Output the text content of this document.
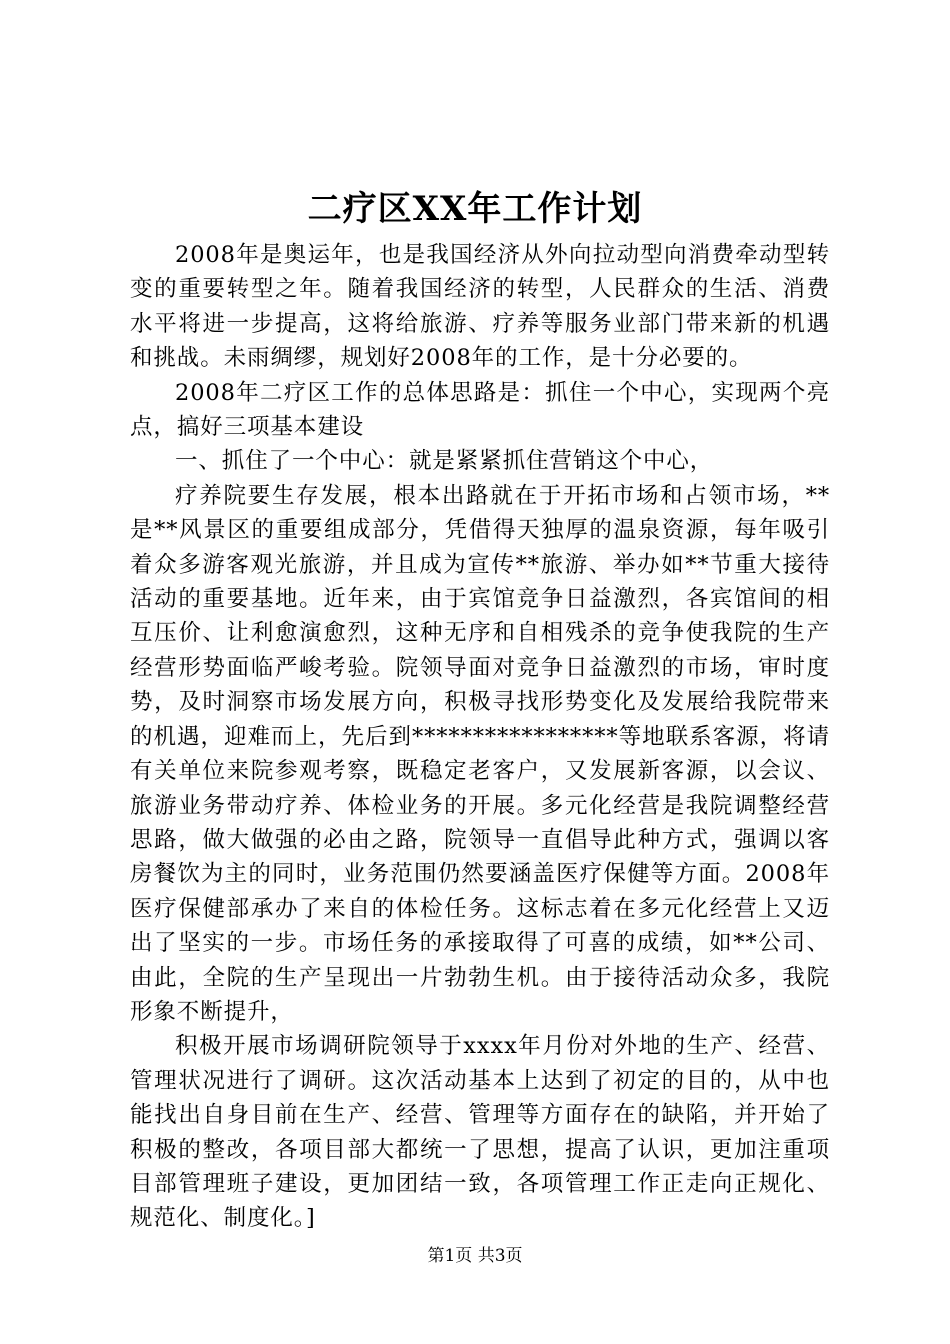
二疗区XX年工作计划

2008年是奥运年，也是我国经济从外向拉动型向消费牵动型转变的重要转型之年。随着我国经济的转型，人民群众的生活、消费水平将进一步提高，这将给旅游、疗养等服务业部门带来新的机遇和挑战。未雨绸缪，规划好2008年的工作，是十分必要的。

2008年二疗区工作的总体思路是：抓住一个中心，实现两个亮点，搞好三项基本建设

一、抓住了一个中心：就是紧紧抓住营销这个中心，

疗养院要生存发展，根本出路就在于开拓市场和占领市场，**是**风景区的重要组成部分，凭借得天独厚的温泉资源，每年吸引着众多游客观光旅游，并且成为宣传**旅游、举办如**节重大接待活动的重要基地。近年来，由于宾馆竞争日益激烈，各宾馆间的相互压价、让利愈演愈烈，这种无序和自相残杀的竞争使我院的生产经营形势面临严峻考验。院领导面对竞争日益激烈的市场，审时度势，及时洞察市场发展方向，积极寻找形势变化及发展给我院带来的机遇，迎难而上，先后到*****************等地联系客源，将请有关单位来院参观考察，既稳定老客户，又发展新客源，以会议、旅游业务带动疗养、体检业务的开展。多元化经营是我院调整经营思路，做大做强的必由之路，院领导一直倡导此种方式，强调以客房餐饮为主的同时，业务范围仍然要涵盖医疗保健等方面。2008年医疗保健部承办了来自的体检任务。这标志着在多元化经营上又迈出了坚实的一步。市场任务的承接取得了可喜的成绩，如**公司、由此，全院的生产呈现出一片勃勃生机。由于接待活动众多，我院形象不断提升，

积极开展市场调研院领导于xxxx年月份对外地的生产、经营、管理状况进行了调研。这次活动基本上达到了初定的目的，从中也能找出自身目前在生产、经营、管理等方面存在的缺陷，并开始了积极的整改，各项目部大都统一了思想，提高了认识，更加注重项目部管理班子建设，更加团结一致，各项管理工作正走向正规化、规范化、制度化。]

第1页 共3页
